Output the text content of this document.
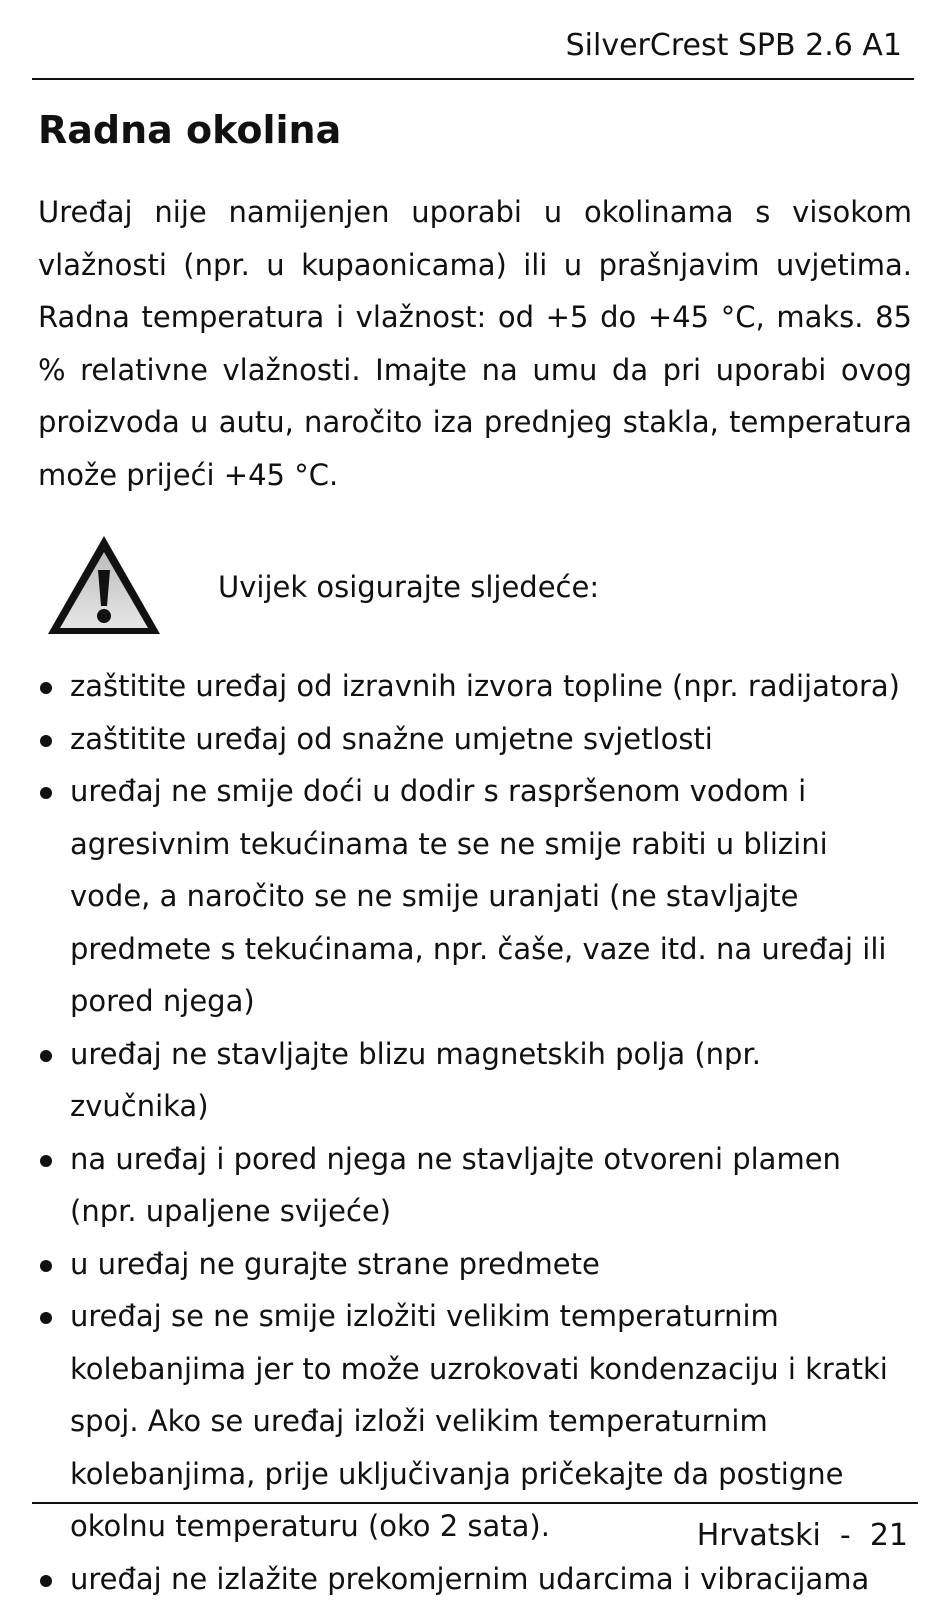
SilverCrest SPB 2.6 A1
Radna okolina

Uređaj nije namijenjen uporabi u okolinama s visokom vlažnosti (npr. u kupaonicama) ili u prašnjavim uvjetima. Radna temperatura i vlažnost: od +5 do +45 °C, maks. 85 % relativne vlažnosti. Imajte na umu da pri uporabi ovog proizvoda u autu, naročito iza prednjeg stakla, temperatura može prijeći +45 °C.

Uvijek osigurajte sljedeće:
zaštitite uređaj od izravnih izvora topline (npr. radijatora)
zaštitite uređaj od snažne umjetne svjetlosti
uređaj ne smije doći u dodir s raspršenom vodom i agresivnim tekućinama te se ne smije rabiti u blizini vode, a naročito se ne smije uranjati (ne stavljajte predmete s tekućinama, npr. čaše, vaze itd. na uređaj ili pored njega)
uređaj ne stavljajte blizu magnetskih polja (npr. zvučnika)
na uređaj i pored njega ne stavljajte otvoreni plamen (npr. upaljene svijeće)
u uređaj ne gurajte strane predmete
uređaj se ne smije izložiti velikim temperaturnim kolebanjima jer to može uzrokovati kondenzaciju i kratki spoj. Ako se uređaj izloži velikim temperaturnim kolebanjima, prije uključivanja pričekajte da postigne okolnu temperaturu (oko 2 sata).
uređaj ne izlažite prekomjernim udarcima i vibracijama
Hrvatski  -  21
